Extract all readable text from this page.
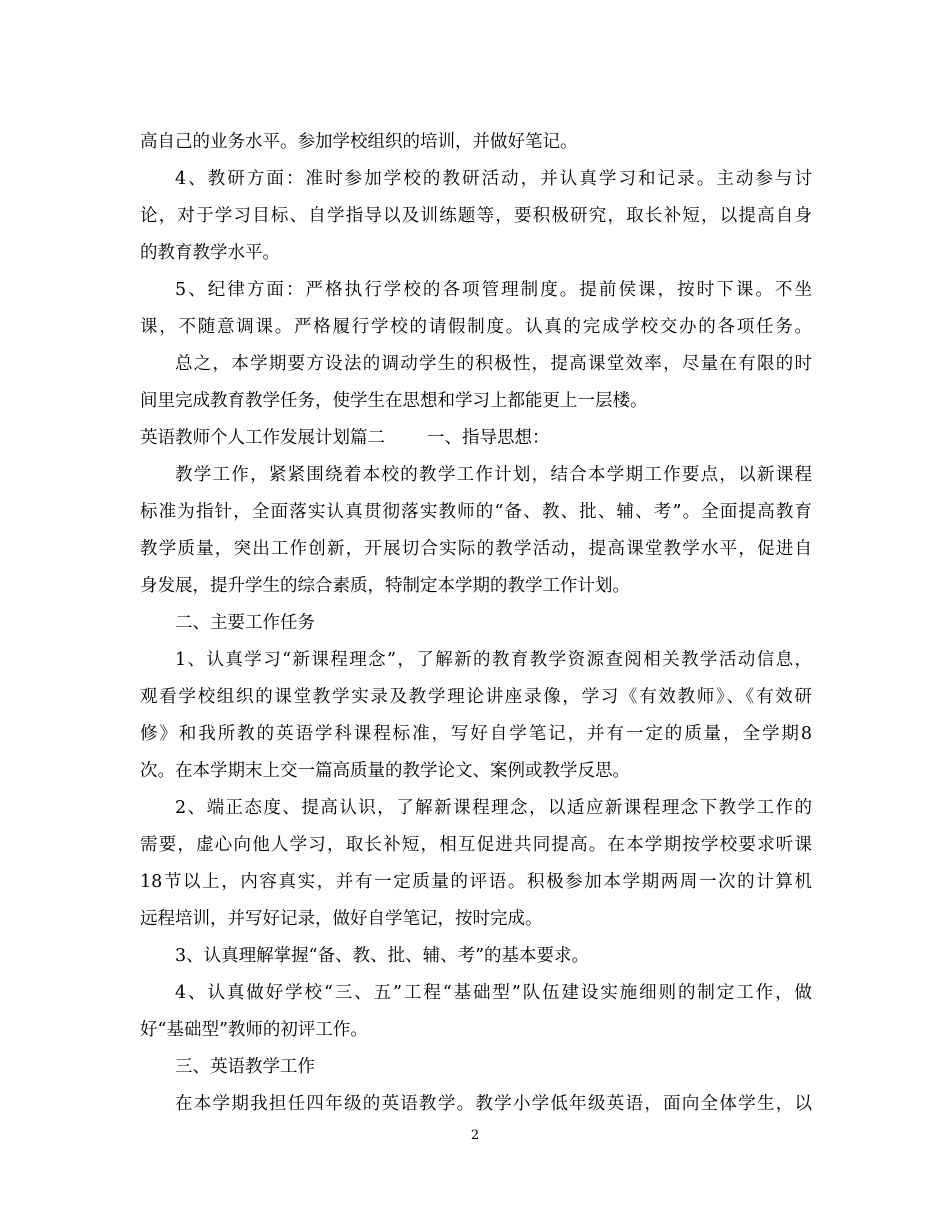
高自己的业务水平。参加学校组织的培训，并做好笔记。
4、教研方面：准时参加学校的教研活动，并认真学习和记录。主动参与讨
论，对于学习目标、自学指导以及训练题等，要积极研究，取长补短，以提高自身
的教育教学水平。
5、纪律方面：严格执行学校的各项管理制度。提前侯课，按时下课。不坐
课，不随意调课。严格履行学校的请假制度。认真的完成学校交办的各项任务。
总之，本学期要方设法的调动学生的积极性，提高课堂效率，尽量在有限的时
间里完成教育教学任务，使学生在思想和学习上都能更上一层楼。
英语教师个人工作发展计划篇二 一、指导思想：
教学工作，紧紧围绕着本校的教学工作计划，结合本学期工作要点，以新课程
标准为指针，全面落实认真贯彻落实教师的“备、教、批、辅、考”。全面提高教育
教学质量，突出工作创新，开展切合实际的教学活动，提高课堂教学水平，促进自
身发展，提升学生的综合素质，特制定本学期的教学工作计划。
二、主要工作任务
1、认真学习“新课程理念”，了解新的教育教学资源查阅相关教学活动信息，
观看学校组织的课堂教学实录及教学理论讲座录像，学习《有效教师》、《有效研
修》和我所教的英语学科课程标准，写好自学笔记，并有一定的质量，全学期8
次。在本学期末上交一篇高质量的教学论文、案例或教学反思。
2、端正态度、提高认识，了解新课程理念，以适应新课程理念下教学工作的
需要，虚心向他人学习，取长补短，相互促进共同提高。在本学期按学校要求听课
18节以上，内容真实，并有一定质量的评语。积极参加本学期两周一次的计算机
远程培训，并写好记录，做好自学笔记，按时完成。
3、认真理解掌握“备、教、批、辅、考”的基本要求。
4、认真做好学校“三、五”工程“基础型”队伍建设实施细则的制定工作，做
好“基础型”教师的初评工作。
三、英语教学工作
在本学期我担任四年级的英语教学。教学小学低年级英语，面向全体学生，以
2
